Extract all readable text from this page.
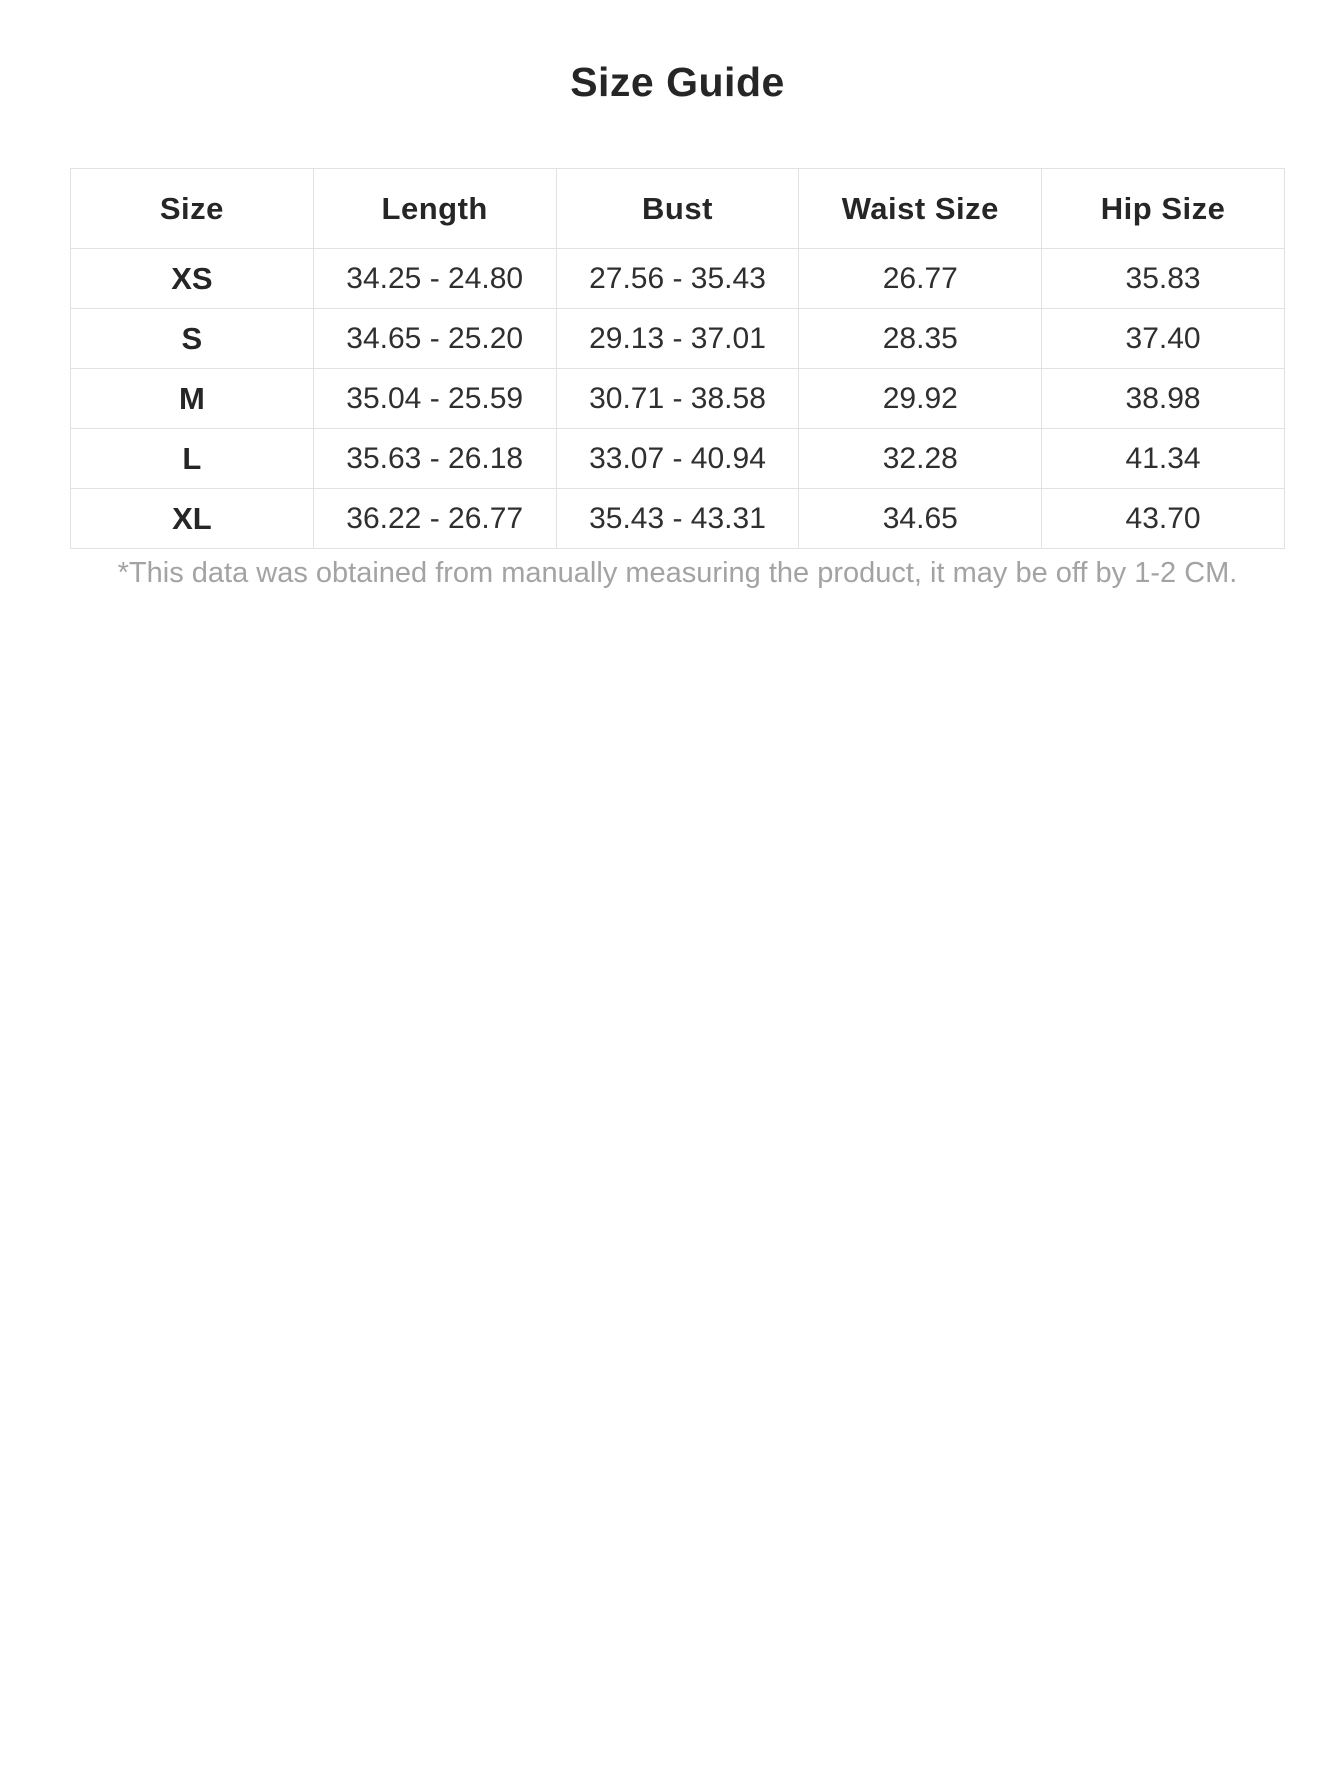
Size Guide
Size	Length	Bust	Waist Size	Hip Size
XS	34.25 - 24.80	27.56 - 35.43	26.77	35.83
S	34.65 - 25.20	29.13 - 37.01	28.35	37.40
M	35.04 - 25.59	30.71 - 38.58	29.92	38.98
L	35.63 - 26.18	33.07 - 40.94	32.28	41.34
XL	36.22 - 26.77	35.43 - 43.31	34.65	43.70

*This data was obtained from manually measuring the product, it may be off by 1-2 CM.
